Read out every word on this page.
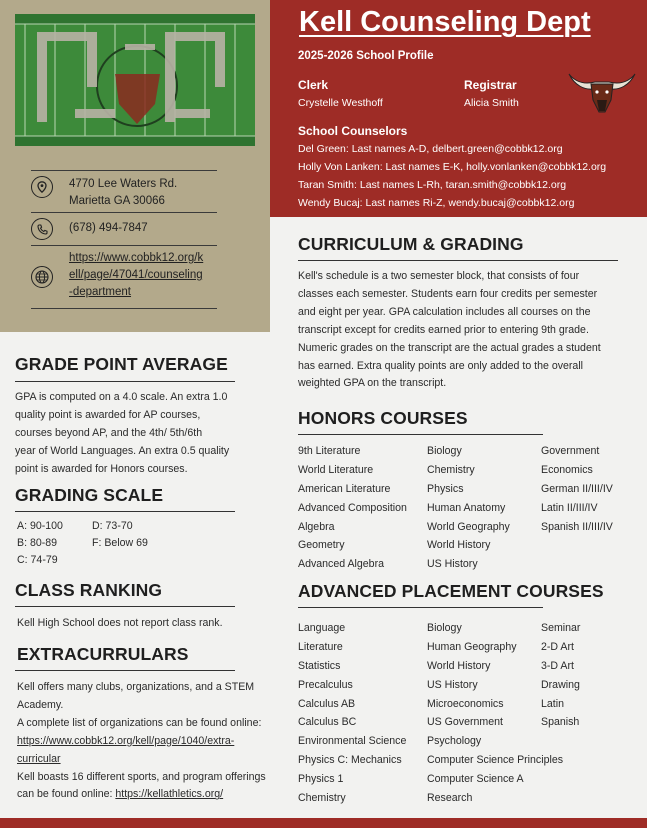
4770 Lee Waters Rd.
Marietta GA 30066
(678) 494-7847
https://www.cobbk12.org/k
ell/page/47041/counseling
-department
Kell Counseling Dept
2025-2026 School Profile
Clerk
Crystelle Westhoff
Registrar
Alicia Smith
School Counselors
Del Green: Last names A-D, delbert.green@cobbk12.org
Holly Von Lanken: Last names E-K, holly.vonlanken@cobbk12.org
Taran Smith: Last names L-Rh, taran.smith@cobbk12.org
Wendy Bucaj: Last names Ri-Z, wendy.bucaj@cobbk12.org
GRADE POINT AVERAGE
GPA is computed on a 4.0 scale. An extra 1.0
quality point is awarded for AP courses,
courses beyond AP, and the 4th/ 5th/6th
year of World Languages. An extra 0.5 quality
point is awarded for Honors courses.
GRADING SCALE
A: 90-100
B: 80-89
C: 74-79
D: 73-70
F: Below 69
CLASS RANKING
Kell High School does not report class rank.
EXTRACURRULARS
Kell offers many clubs, organizations, and a STEM
Academy.
A complete list of organizations can be found online:
https://www.cobbk12.org/kell/page/1040/extra-
curricular
Kell boasts 16 different sports, and program offerings
can be found online: https://kellathletics.org/
CURRICULUM & GRADING
Kell's schedule is a two semester block, that consists of four
classes each semester. Students earn four credits per semester
and eight per year. GPA calculation includes all courses on the
transcript except for credits earned prior to entering 9th grade.
Numeric grades on the transcript are the actual grades a student
has earned. Extra quality points are only added to the overall
weighted GPA on the transcript.
HONORS COURSES
9th Literature
World Literature
American Literature
Advanced Composition
Algebra
Geometry
Advanced Algebra
Biology
Chemistry
Physics
Human Anatomy
World Geography
World History
US History
Government
Economics
German II/III/IV
Latin II/III/IV
Spanish II/III/IV
ADVANCED PLACEMENT COURSES
Language
Literature
Statistics
Precalculus
Calculus AB
Calculus BC
Environmental Science
Physics C: Mechanics
Physics 1
Chemistry
Biology
Human Geography
World History
US History
Microeconomics
US Government
Psychology
Computer Science Principles
Computer Science A
Research
Seminar
2-D Art
3-D Art
Drawing
Latin
Spanish
